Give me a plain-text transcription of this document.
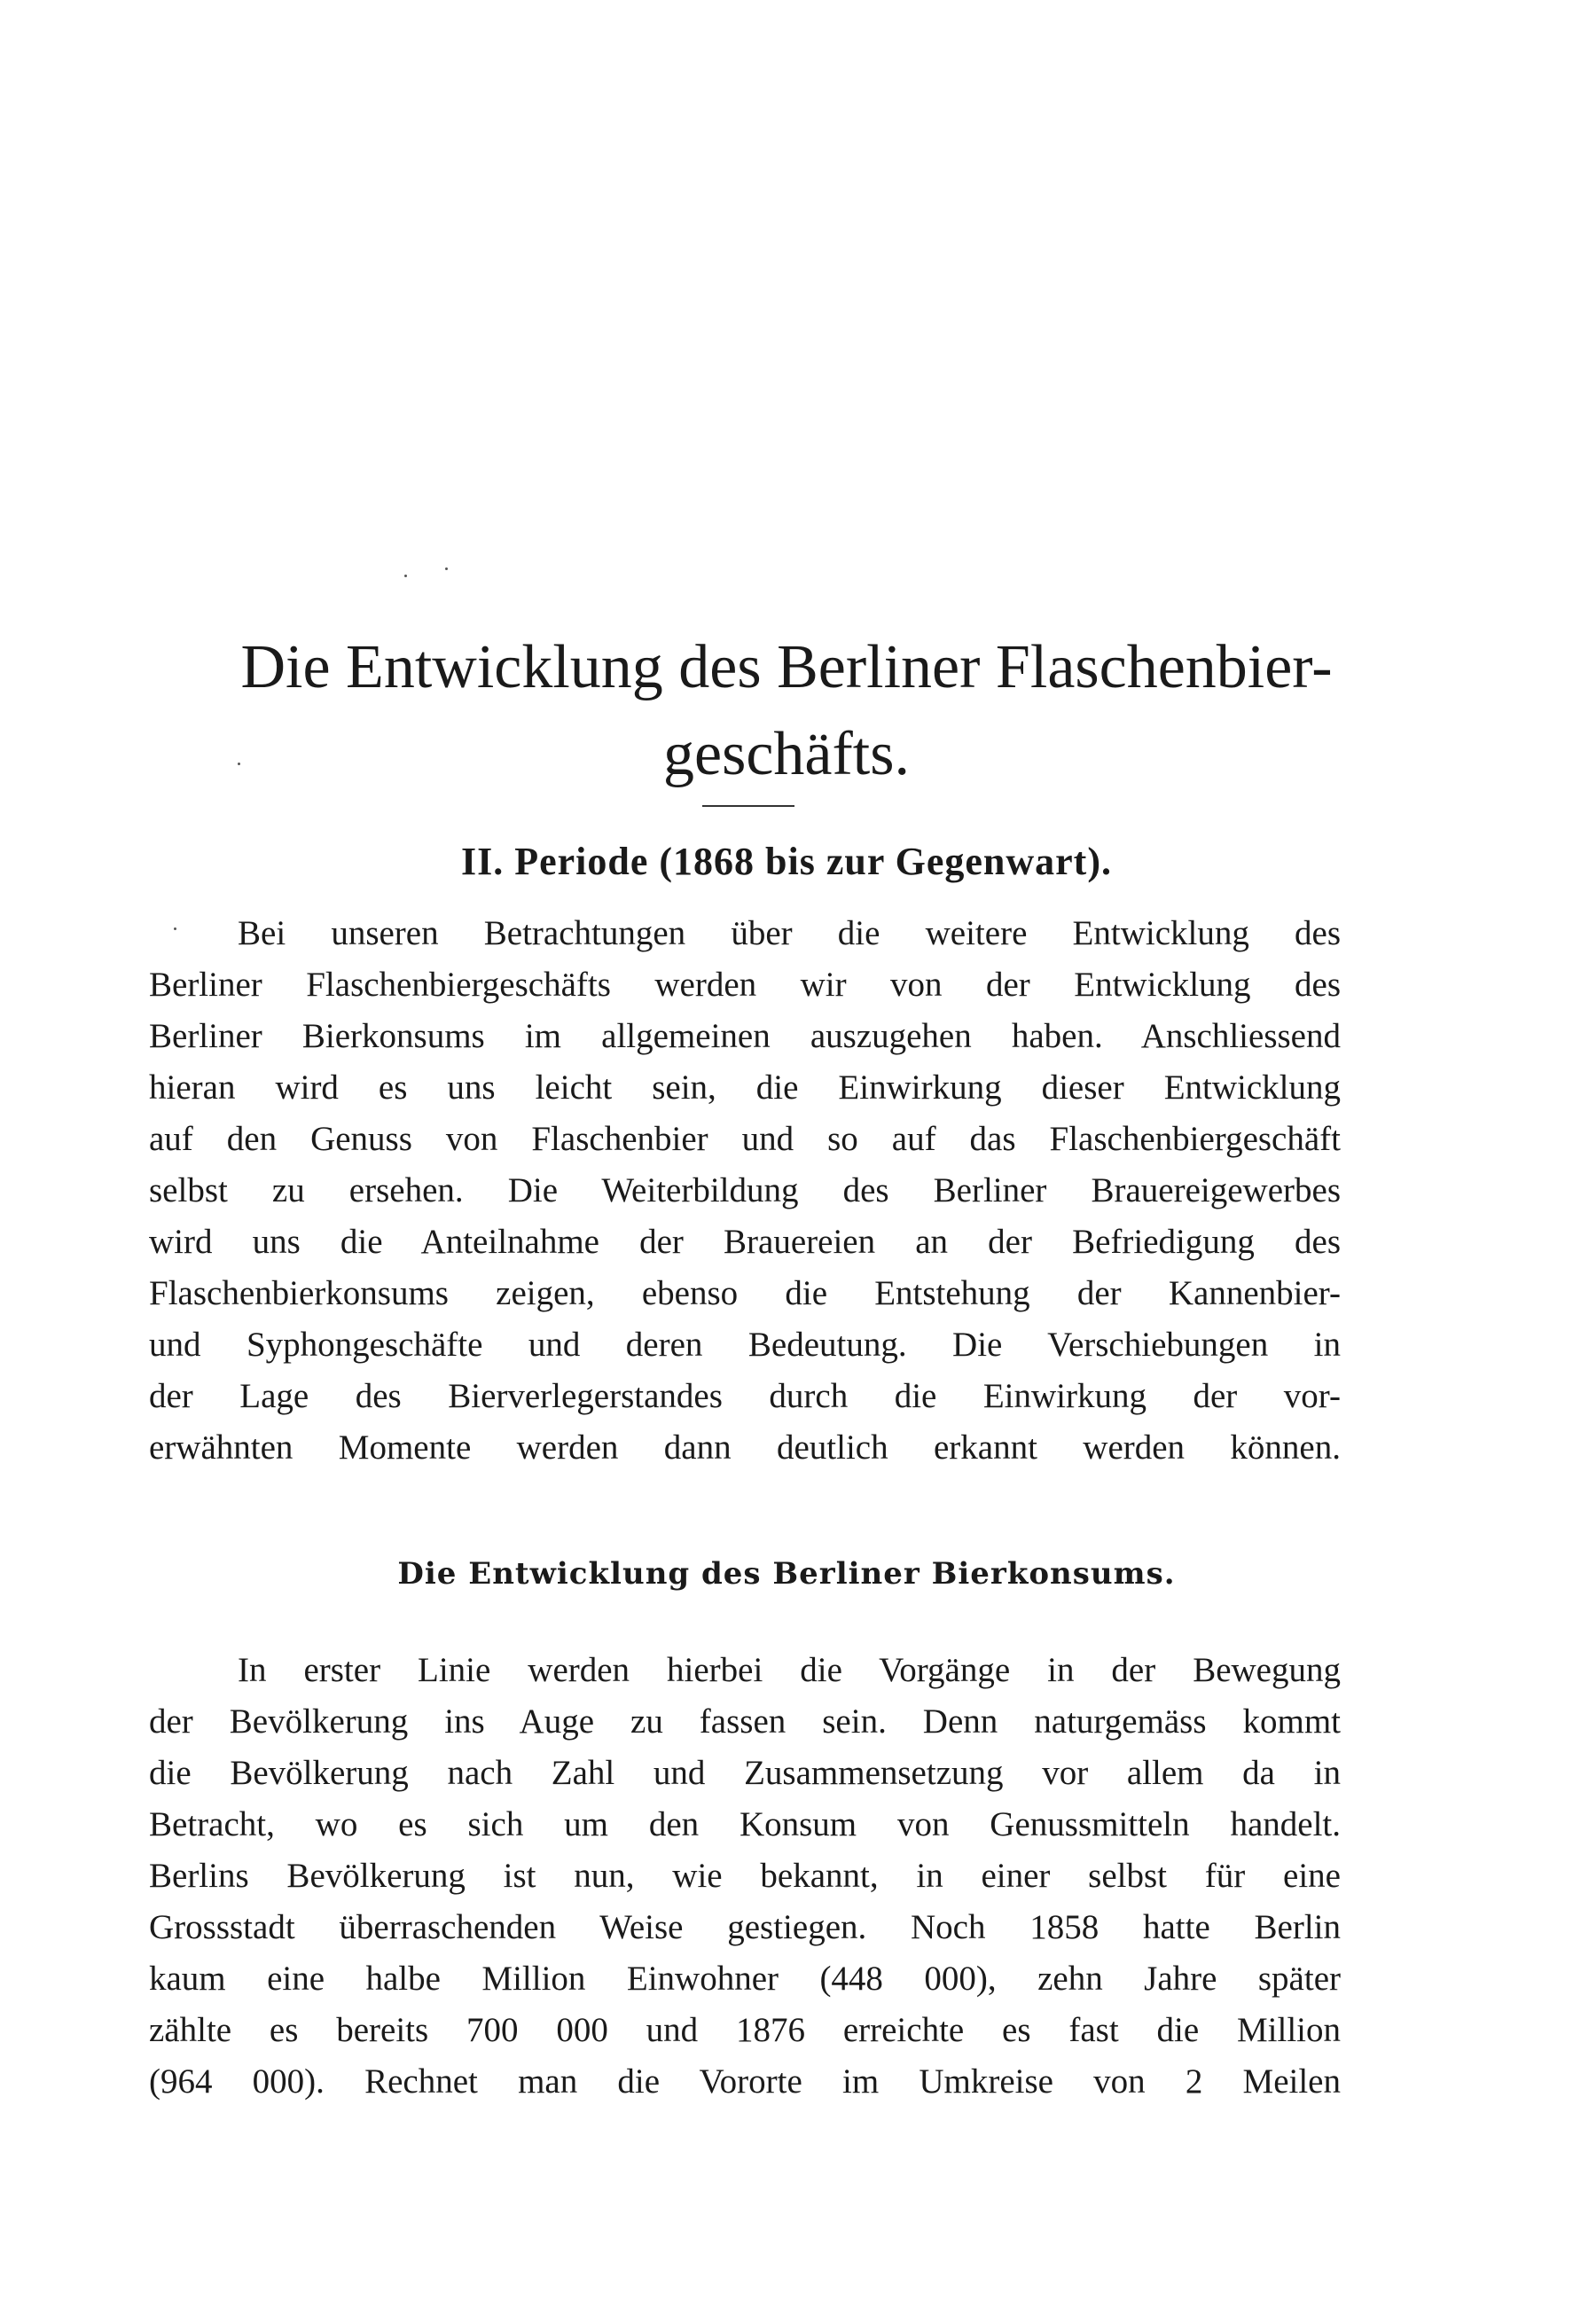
Die Entwicklung des Berliner Flaschenbier-
geschäfts.
II. Periode (1868 bis zur Gegenwart).

Bei unseren Betrachtungen über die weitere Entwicklung des

Berliner Flaschenbiergeschäfts werden wir von der Entwicklung des

Berliner Bierkonsums im allgemeinen auszugehen haben. Anschliessend

hieran wird es uns leicht sein, die Einwirkung dieser Entwicklung

auf den Genuss von Flaschenbier und so auf das Flaschenbiergeschäft

selbst zu ersehen. Die Weiterbildung des Berliner Brauereigewerbes

wird uns die Anteilnahme der Brauereien an der Befriedigung des

Flaschenbierkonsums zeigen, ebenso die Entstehung der Kannenbier-

und Syphongeschäfte und deren Bedeutung. Die Verschiebungen in

der Lage des Bierverlegerstandes durch die Einwirkung der vor-

erwähnten Momente werden dann deutlich erkannt werden können.

Die Entwicklung des Berliner Bierkonsums.

In erster Linie werden hierbei die Vorgänge in der Bewegung

der Bevölkerung ins Auge zu fassen sein. Denn naturgemäss kommt

die Bevölkerung nach Zahl und Zusammensetzung vor allem da in

Betracht, wo es sich um den Konsum von Genussmitteln handelt.

Berlins Bevölkerung ist nun, wie bekannt, in einer selbst für eine

Grossstadt überraschenden Weise gestiegen. Noch 1858 hatte Berlin

kaum eine halbe Million Einwohner (448 000), zehn Jahre später

zählte es bereits 700 000 und 1876 erreichte es fast die Million

(964 000). Rechnet man die Vororte im Umkreise von 2 Meilen
